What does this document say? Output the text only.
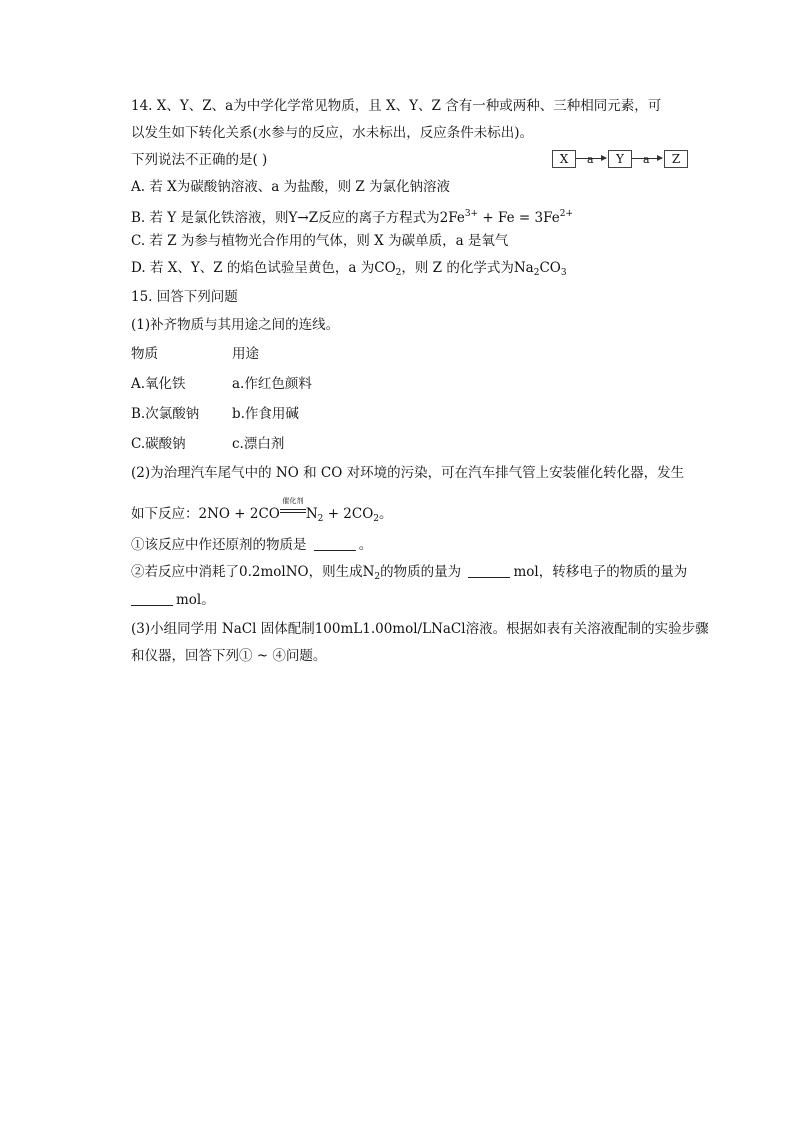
14. X、Y、Z、a为中学化学常见物质，且 X、Y、Z 含有一种或两种、三种相同元素，可
以发生如下转化关系(水参与的反应，水未标出，反应条件未标出)。
下列说法不正确的是( )	X	a	Y	a	Z
A. 若 X为碳酸钠溶液、a 为盐酸，则 Z 为氯化钠溶液
B. 若 Y 是氯化铁溶液，则Y→Z反应的离子方程式为$2Fe^{3+} + Fe = 3Fe^{2+}$
C. 若 Z 为参与植物光合作用的气体，则 X 为碳单质，a 是氧气
D. 若 X、Y、Z 的焰色试验呈黄色，a 为$CO_2$，则 Z 的化学式为$Na_2CO_3$
15. 回答下列问题
(1)补齐物质与其用途之间的连线。
物质	用途
A.氧化铁	a.作红色颜料
B.次氯酸钠 b.作食用碱
C.碳酸钠	c.漂白剂
(2)为治理汽车尾气中的 NO 和 CO 对环境的污染，可在汽车排气管上安装催化转化器，发生
如下反应：2NO + 2CO
催化剂
$N_2 + 2CO_2$。
①该反应中作还原剂的物质是	。
②若反应中消耗了0.2molNO，则生成$N_2$的物质的量为	mol，转移电子的物质的量为
mol。
(3)小组同学用 NaCl 固体配制100mL1.00mol/LNaCl溶液。根据如表有关溶液配制的实验步骤
和仪器，回答下列① ~ ④问题。
